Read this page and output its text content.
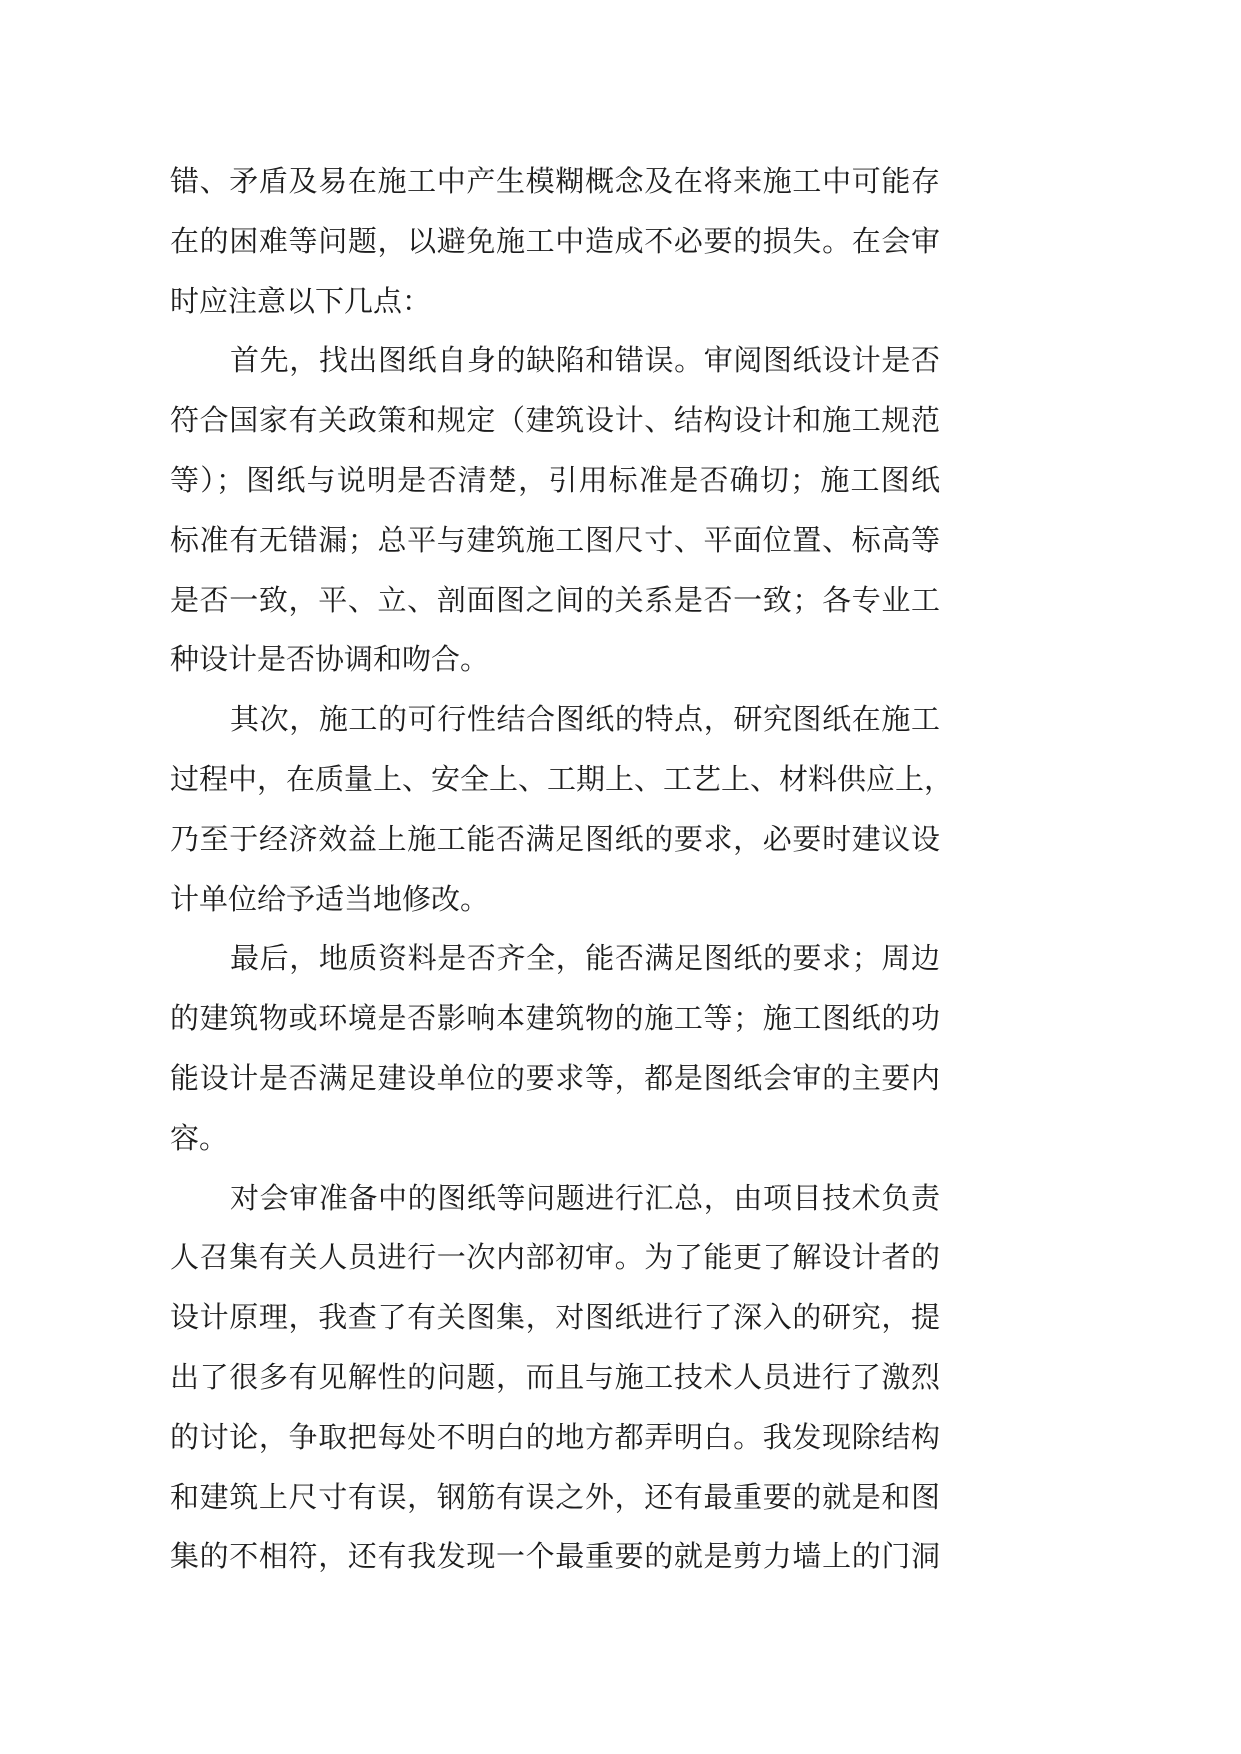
错、矛盾及易在施工中产生模糊概念及在将来施工中可能存
在的困难等问题，以避免施工中造成不必要的损失。在会审
时应注意以下几点：
首先，找出图纸自身的缺陷和错误。审阅图纸设计是否
符合国家有关政策和规定（建筑设计、结构设计和施工规范
等）；图纸与说明是否清楚，引用标准是否确切；施工图纸
标准有无错漏；总平与建筑施工图尺寸、平面位置、标高等
是否一致，平、立、剖面图之间的关系是否一致；各专业工
种设计是否协调和吻合。
其次，施工的可行性结合图纸的特点，研究图纸在施工
过程中，在质量上、安全上、工期上、工艺上、材料供应上，
乃至于经济效益上施工能否满足图纸的要求，必要时建议设
计单位给予适当地修改。
最后，地质资料是否齐全，能否满足图纸的要求；周边
的建筑物或环境是否影响本建筑物的施工等；施工图纸的功
能设计是否满足建设单位的要求等，都是图纸会审的主要内
容。
对会审准备中的图纸等问题进行汇总，由项目技术负责
人召集有关人员进行一次内部初审。为了能更了解设计者的
设计原理，我查了有关图集，对图纸进行了深入的研究，提
出了很多有见解性的问题，而且与施工技术人员进行了激烈
的讨论，争取把每处不明白的地方都弄明白。我发现除结构
和建筑上尺寸有误，钢筋有误之外，还有最重要的就是和图
集的不相符，还有我发现一个最重要的就是剪力墙上的门洞
